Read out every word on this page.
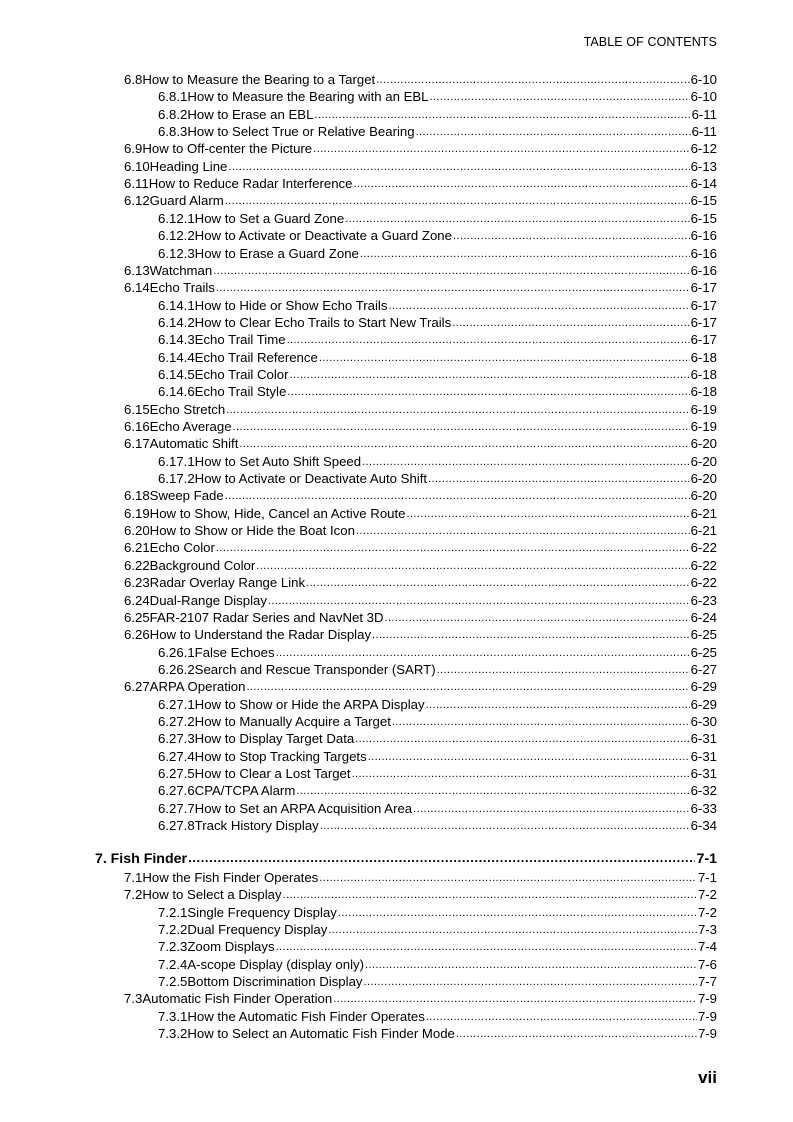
TABLE OF CONTENTS
6.8 How to Measure the Bearing to a Target .....	6-10
6.8.1 How to Measure the Bearing with an EBL .....	6-10
6.8.2 How to Erase an EBL .....	6-11
6.8.3 How to Select True or Relative Bearing .....	6-11
6.9 How to Off-center the Picture .....	6-12
6.10 Heading Line .....	6-13
6.11 How to Reduce Radar Interference .....	6-14
6.12 Guard Alarm .....	6-15
6.12.1 How to Set a Guard Zone .....	6-15
6.12.2 How to Activate or Deactivate a Guard Zone .....	6-16
6.12.3 How to Erase a Guard Zone .....	6-16
6.13 Watchman .....	6-16
6.14 Echo Trails .....	6-17
6.14.1 How to Hide or Show Echo Trails .....	6-17
6.14.2 How to Clear Echo Trails to Start New Trails .....	6-17
6.14.3 Echo Trail Time .....	6-17
6.14.4 Echo Trail Reference .....	6-18
6.14.5 Echo Trail Color .....	6-18
6.14.6 Echo Trail Style .....	6-18
6.15 Echo Stretch .....	6-19
6.16 Echo Average .....	6-19
6.17 Automatic Shift .....	6-20
6.17.1 How to Set Auto Shift Speed .....	6-20
6.17.2 How to Activate or Deactivate Auto Shift .....	6-20
6.18 Sweep Fade .....	6-20
6.19 How to Show, Hide, Cancel an Active Route .....	6-21
6.20 How to Show or Hide the Boat Icon .....	6-21
6.21 Echo Color .....	6-22
6.22 Background Color .....	6-22
6.23 Radar Overlay Range Link .....	6-22
6.24 Dual-Range Display .....	6-23
6.25 FAR-2107 Radar Series and NavNet 3D .....	6-24
6.26 How to Understand the Radar Display .....	6-25
6.26.1 False Echoes .....	6-25
6.26.2 Search and Rescue Transponder (SART) .....	6-27
6.27 ARPA Operation .....	6-29
6.27.1 How to Show or Hide the ARPA Display .....	6-29
6.27.2 How to Manually Acquire a Target .....	6-30
6.27.3 How to Display Target Data .....	6-31
6.27.4 How to Stop Tracking Targets .....	6-31
6.27.5 How to Clear a Lost Target .....	6-31
6.27.6 CPA/TCPA Alarm .....	6-32
6.27.7 How to Set an ARPA Acquisition Area .....	6-33
6.27.8 Track History Display .....	6-34
7. Fish Finder .....	7-1
7.1 How the Fish Finder Operates .....	7-1
7.2 How to Select a Display .....	7-2
7.2.1 Single Frequency Display .....	7-2
7.2.2 Dual Frequency Display .....	7-3
7.2.3 Zoom Displays .....	7-4
7.2.4 A-scope Display (display only) .....	7-6
7.2.5 Bottom Discrimination Display .....	7-7
7.3 Automatic Fish Finder Operation .....	7-9
7.3.1 How the Automatic Fish Finder Operates .....	7-9
7.3.2 How to Select an Automatic Fish Finder Mode .....	7-9
vii
